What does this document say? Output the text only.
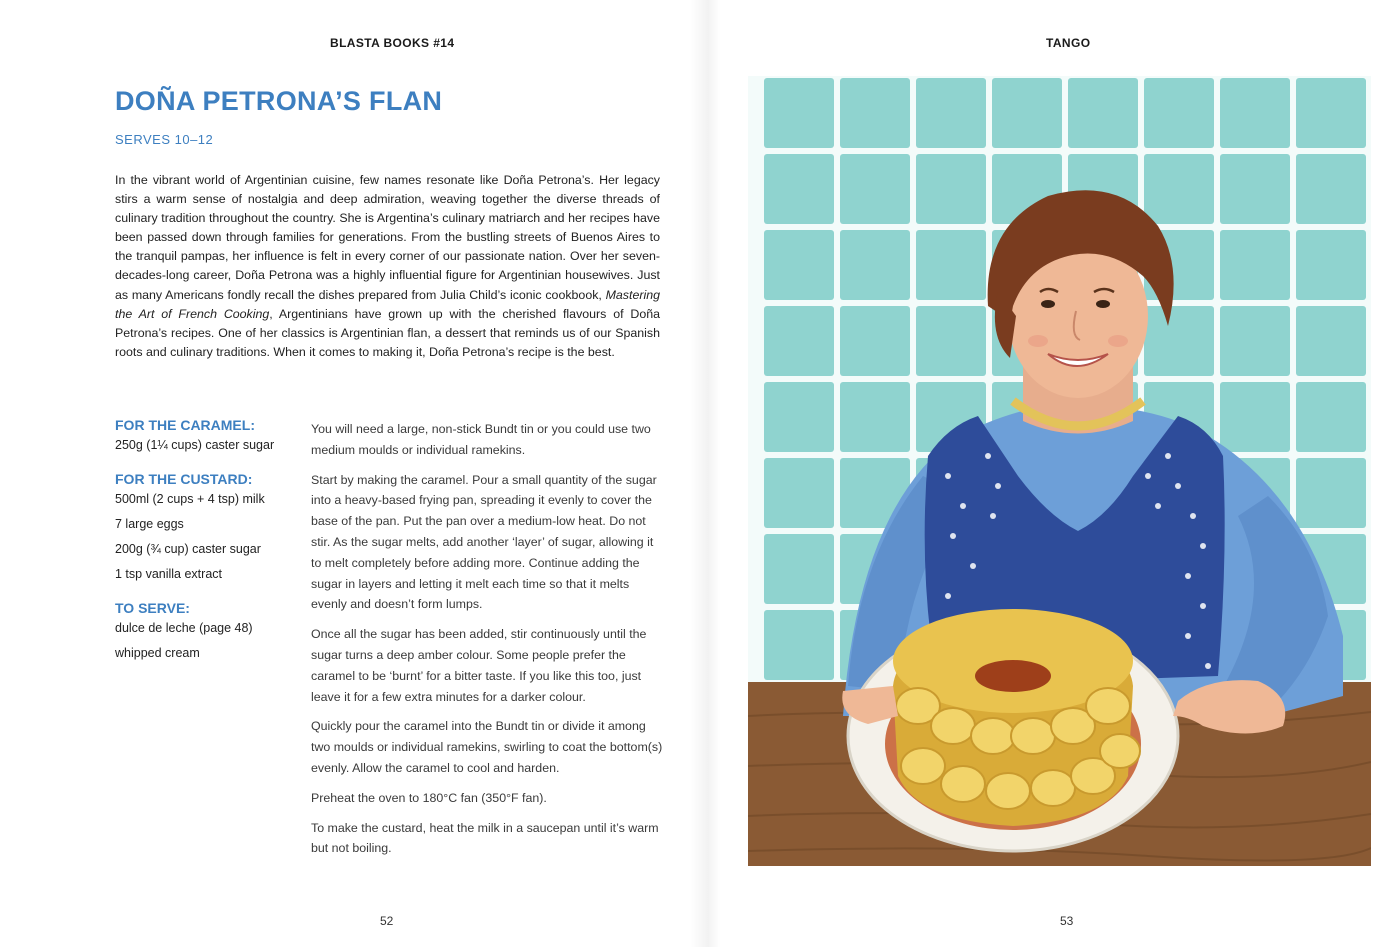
BLASTA BOOKS #14
DOÑA PETRONA’S FLAN
SERVES 10–12

In the vibrant world of Argentinian cuisine, few names resonate like Doña Petrona’s. Her legacy stirs a warm sense of nostalgia and deep admiration, weaving together the diverse threads of culinary tradition throughout the country. She is Argentina’s culinary matriarch and her recipes have been passed down through families for generations. From the bustling streets of Buenos Aires to the tranquil pampas, her influence is felt in every corner of our passionate nation. Over her seven-decades-long career, Doña Petrona was a highly influential figure for Argentinian housewives. Just as many Americans fondly recall the dishes prepared from Julia Child’s iconic cookbook, Mastering the Art of French Cooking, Argentinians have grown up with the cherished flavours of Doña Petrona’s recipes. One of her classics is Argentinian flan, a dessert that reminds us of our Spanish roots and culinary traditions. When it comes to making it, Doña Petrona’s recipe is the best.

FOR THE CARAMEL:
250g (1¼ cups) caster sugar
FOR THE CUSTARD:
500ml (2 cups + 4 tsp) milk
7 large eggs
200g (¾ cup) caster sugar
1 tsp vanilla extract
TO SERVE:
dulce de leche (page 48)
whipped cream

You will need a large, non-stick Bundt tin or you could use two medium moulds or individual ramekins.

Start by making the caramel. Pour a small quantity of the sugar into a heavy-based frying pan, spreading it evenly to cover the base of the pan. Put the pan over a medium-low heat. Do not stir. As the sugar melts, add another ‘layer’ of sugar, allowing it to melt completely before adding more. Continue adding the sugar in layers and letting it melt each time so that it melts evenly and doesn’t form lumps.

Once all the sugar has been added, stir continuously until the sugar turns a deep amber colour. Some people prefer the caramel to be ‘burnt’ for a bitter taste. If you like this too, just leave it for a few extra minutes for a darker colour.

Quickly pour the caramel into the Bundt tin or divide it among two moulds or individual ramekins, swirling to coat the bottom(s) evenly. Allow the caramel to cool and harden.

Preheat the oven to 180°C fan (350°F fan).

To make the custard, heat the milk in a saucepan until it’s warm but not boiling.

52
TANGO
53
